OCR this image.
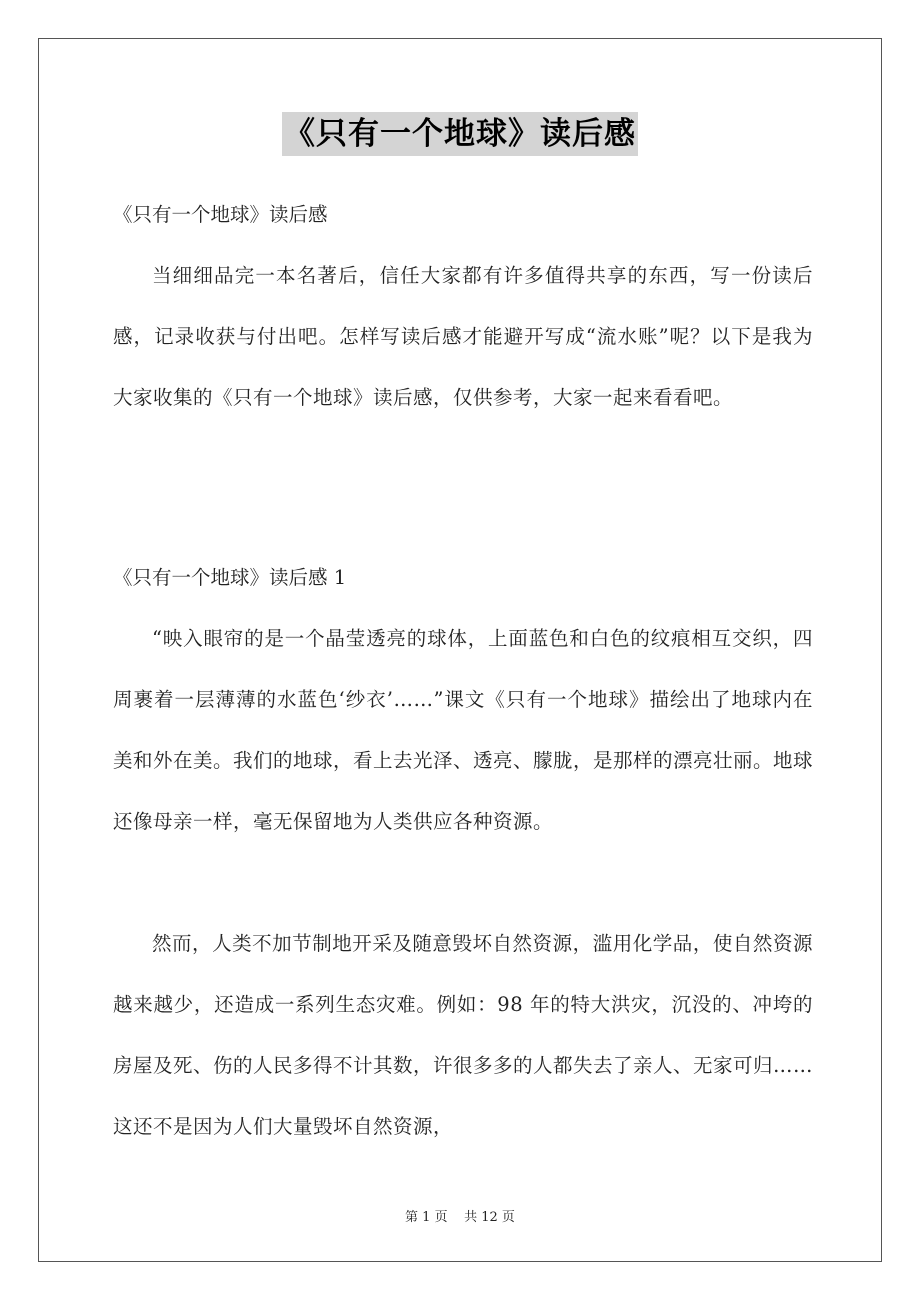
《只有一个地球》读后感

《只有一个地球》读后感

当细细品完一本名著后，信任大家都有许多值得共享的东西，写一份读后感，记录收获与付出吧。怎样写读后感才能避开写成“流水账”呢？以下是我为大家收集的《只有一个地球》读后感，仅供参考，大家一起来看看吧。

《只有一个地球》读后感 1

“映入眼帘的是一个晶莹透亮的球体，上面蓝色和白色的纹痕相互交织，四周裹着一层薄薄的水蓝色‘纱衣’……”课文《只有一个地球》描绘出了地球内在美和外在美。我们的地球，看上去光泽、透亮、朦胧，是那样的漂亮壮丽。地球还像母亲一样，毫无保留地为人类供应各种资源。

然而，人类不加节制地开采及随意毁坏自然资源，滥用化学品，使自然资源越来越少，还造成一系列生态灾难。例如：98 年的特大洪灾，沉没的、冲垮的房屋及死、伤的人民多得不计其数，许很多多的人都失去了亲人、无家可归……这还不是因为人们大量毁坏自然资源，

第 1 页 共 12 页
